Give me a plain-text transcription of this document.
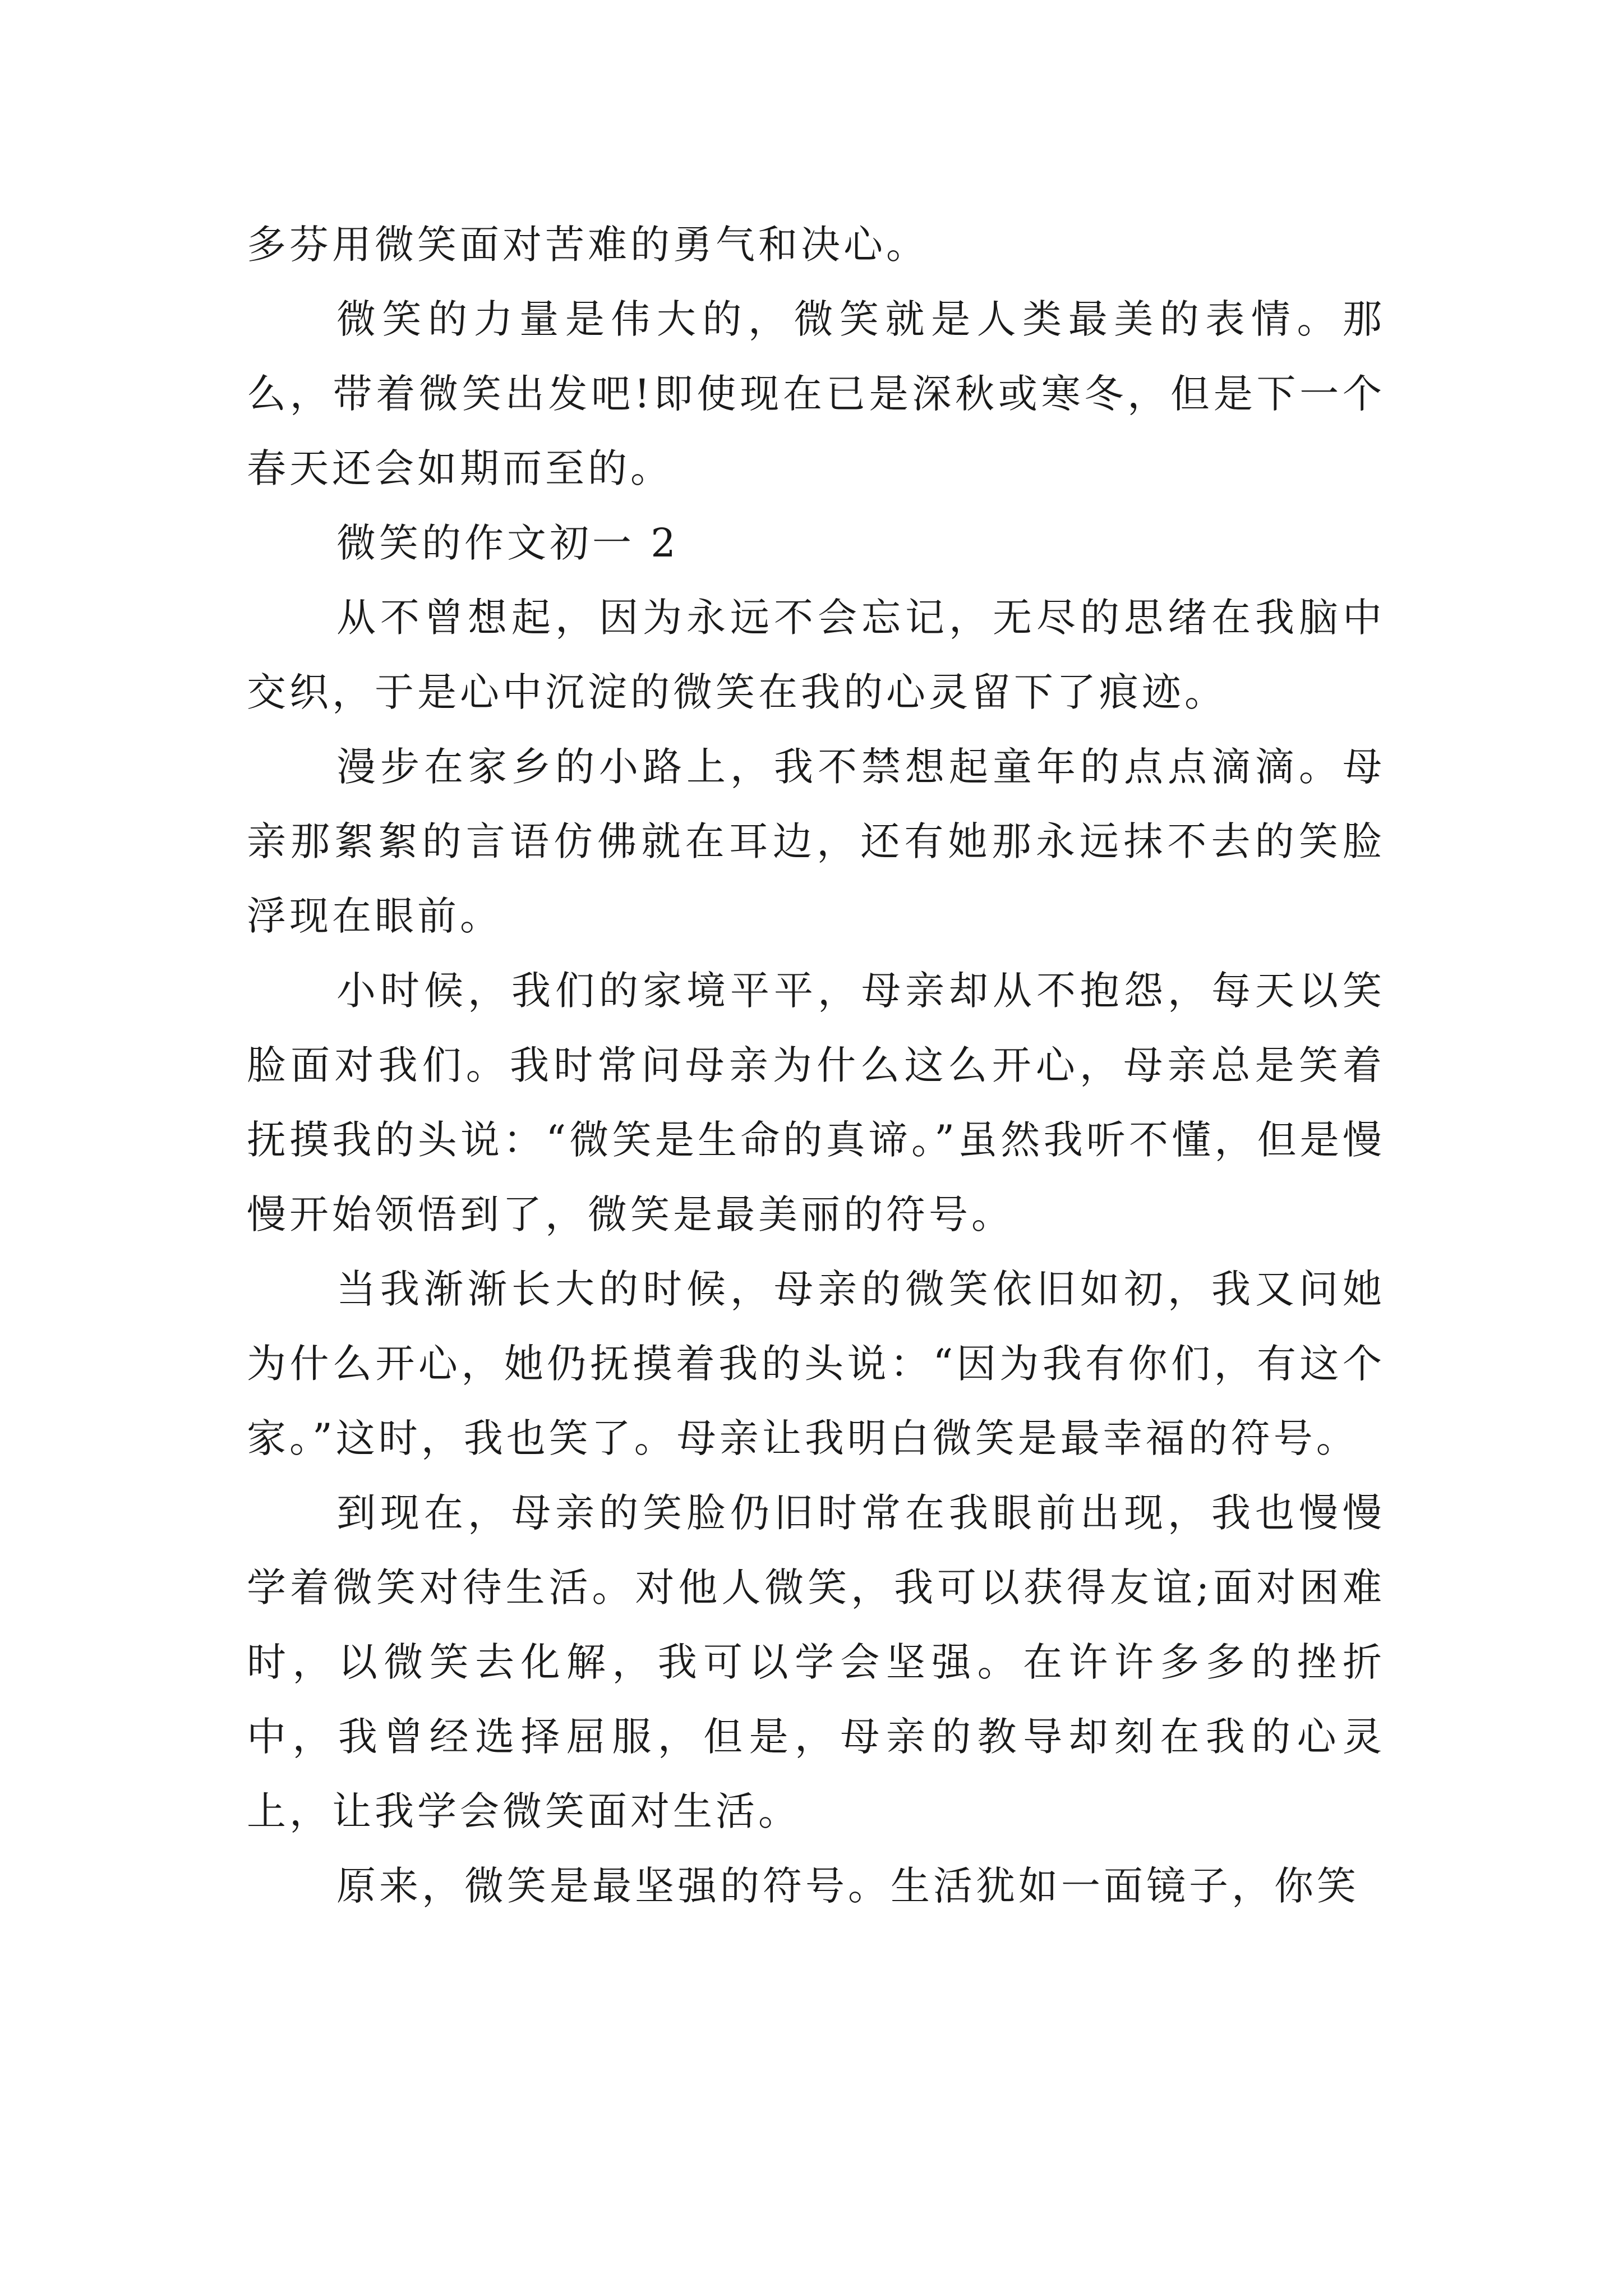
多芬用微笑面对苦难的勇气和决心。

微笑的力量是伟大的，微笑就是人类最美的表情。那么，带着微笑出发吧!即使现在已是深秋或寒冬，但是下一个春天还会如期而至的。

微笑的作文初一 2

从不曾想起，因为永远不会忘记，无尽的思绪在我脑中交织，于是心中沉淀的微笑在我的心灵留下了痕迹。

漫步在家乡的小路上，我不禁想起童年的点点滴滴。母亲那絮絮的言语仿佛就在耳边，还有她那永远抹不去的笑脸浮现在眼前。

小时候，我们的家境平平，母亲却从不抱怨，每天以笑脸面对我们。我时常问母亲为什么这么开心，母亲总是笑着抚摸我的头说：“微笑是生命的真谛。”虽然我听不懂，但是慢慢开始领悟到了，微笑是最美丽的符号。

当我渐渐长大的时候，母亲的微笑依旧如初，我又问她为什么开心，她仍抚摸着我的头说：“因为我有你们，有这个家。”这时，我也笑了。母亲让我明白微笑是最幸福的符号。

到现在，母亲的笑脸仍旧时常在我眼前出现，我也慢慢学着微笑对待生活。对他人微笑，我可以获得友谊;面对困难时，以微笑去化解，我可以学会坚强。在许许多多的挫折中，我曾经选择屈服，但是，母亲的教导却刻在我的心灵上，让我学会微笑面对生活。

原来，微笑是最坚强的符号。生活犹如一面镜子，你笑
